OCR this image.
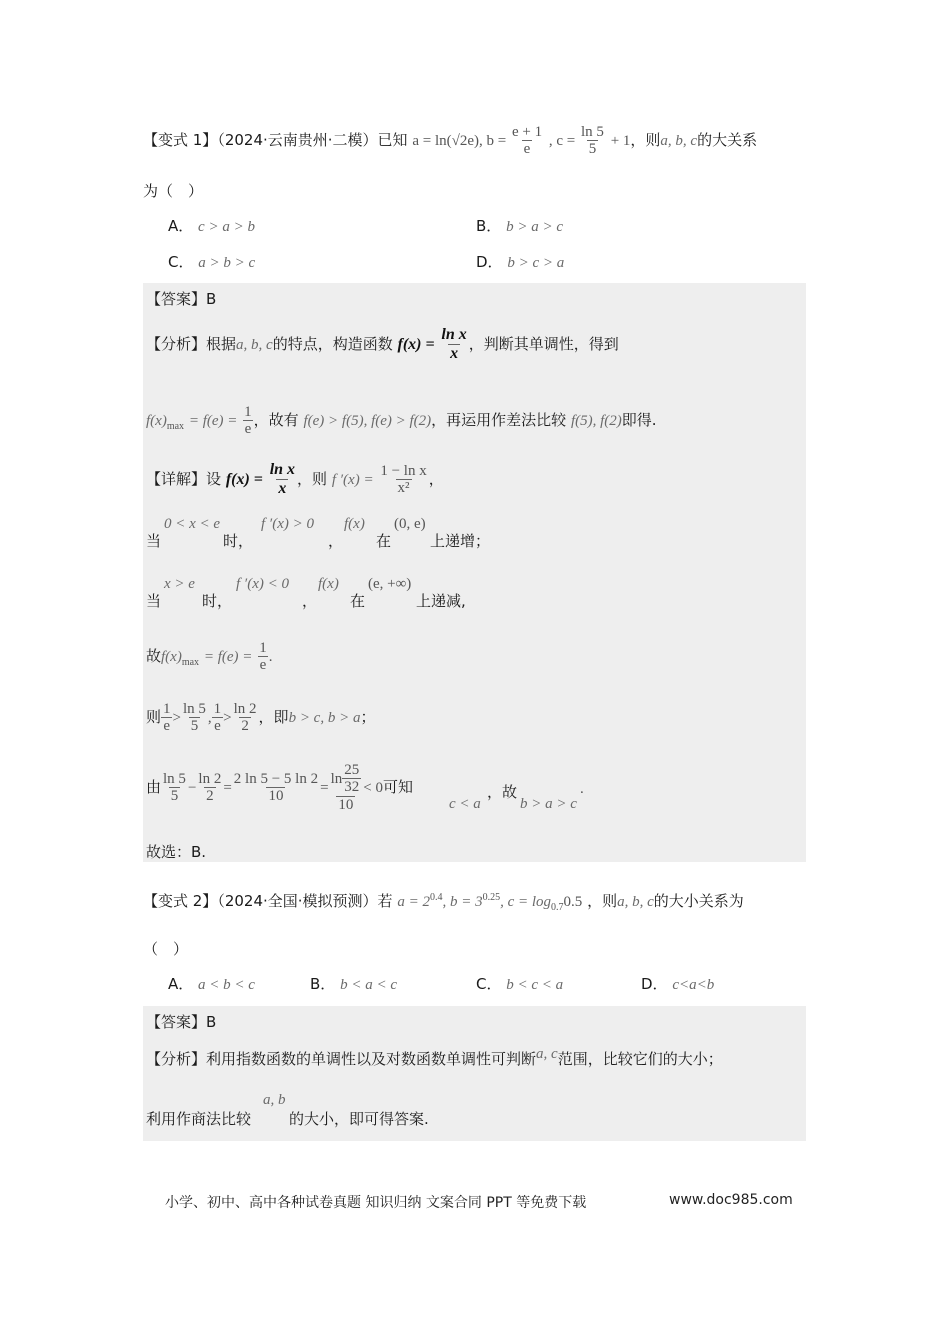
【变式 1】（2024·云南贵州·二模）已知 a = ln(√2e), $b = \frac{e + 1}{e}$ , $c = \frac{\ln 5}{5} + 1$，则a, b, c的大关系
为（　）
A． c > a > b	B． b > a > c
C． a > b > c	D． b > c > a
【答案】B
【分析】根据a, b, c的特点，构造函数 $f(x) = \frac{\text{ln x}}{x}$ ，判断其单调性，得到
$f(x)_{max} = f(e) = \frac{1}{e}$ ，故有 f(e) > f(5), f(e) > f(2)，再运用作差法比较 f(5), f(2)即得.
【详解】设 $f(x) = \frac{\text{ln x}}{x}$ ，则 f $'(x) = \frac{\text{1 − ln x}}{\text{x²}}$ ，
当
0 < x < e
时，
f ′(x) > 0
，
f(x)
在
(0, e)
上递增；
当
x > e
时，
f ′(x) < 0
，
f(x)
在
(e, +∞)
上递减,
故$f(x)_{max} = f(e) = \frac{1}{e}$ .
则 $\frac{1}{e} > \frac{\ln 5}{5}$ , $\frac{1}{e} > \frac{\ln 2}{2}$ ，即b > c, b > a；
由 $\frac{\ln 5}{5} - \frac{\ln 2}{2} = \frac{2 \ln 5 - 5 \ln 2}{10} = \frac{\ln \frac{25}{32}}{10} < 0$可知
c < a
，故
b > a > c
.
故选：B.
【变式 2】（2024·全国·模拟预测）若 $a = 2^{0.4}$, $b = 3^{0.25}$, $c = \log_{0.7}0.5$ ，则a, b, c的大小关系为
（　）
A． a < b < c	B． b < a < c	C． b < c < a	D． c<a<b
【答案】B
【分析】利用指数函数的单调性以及对数函数单调性可判断$^{a, c}$范围，比较它们的大小；
利用作商法比较
a, b
的大小，即可得答案.
小学、初中、高中各种试卷真题 知识归纳 文案合同 PPT 等免费下载	www.doc985.com
